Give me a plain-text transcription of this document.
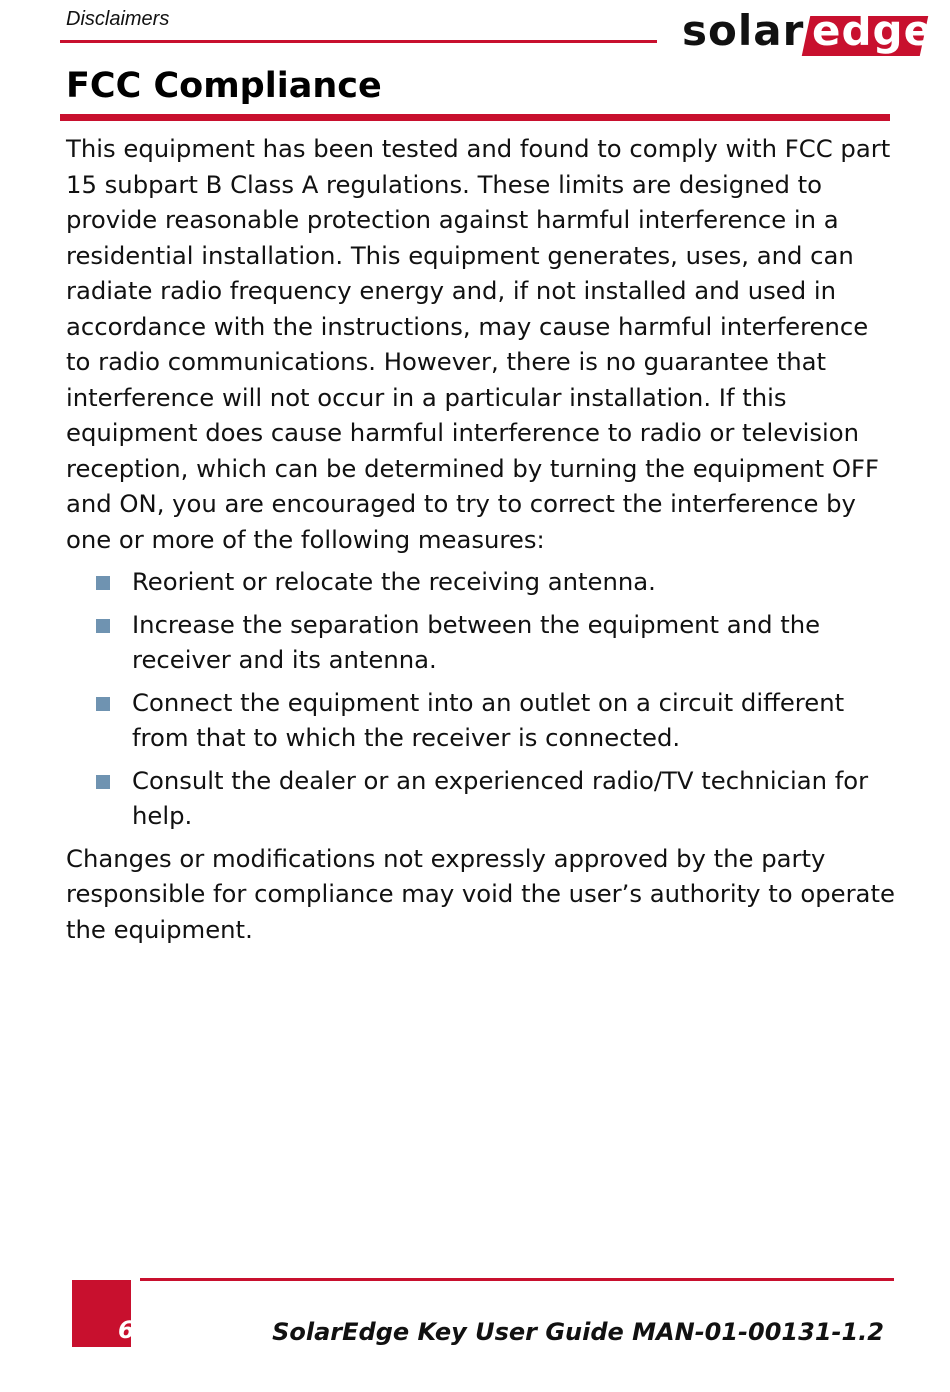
Disclaimers	solar edge
FCC Compliance

This equipment has been tested and found to comply with FCC part 15 subpart B Class A regulations. These limits are designed to provide reasonable protection against harmful interference in a residential installation. This equipment generates, uses, and can radiate radio frequency energy and, if not installed and used in accordance with the instructions, may cause harmful interference to radio communications. However, there is no guarantee that interference will not occur in a particular installation. If this equipment does cause harmful interference to radio or television reception, which can be determined by turning the equipment OFF and ON, you are encouraged to try to correct the interference by one or more of the following measures:

Reorient or relocate the receiving antenna.
Increase the separation between the equipment and the receiver and its antenna.
Connect the equipment into an outlet on a circuit different from that to which the receiver is connected.
Consult the dealer or an experienced radio/TV technician for help.

Changes or modifications not expressly approved by the party responsible for compliance may void the user’s authority to operate the equipment.

6	SolarEdge Key User Guide MAN-01-00131-1.2
